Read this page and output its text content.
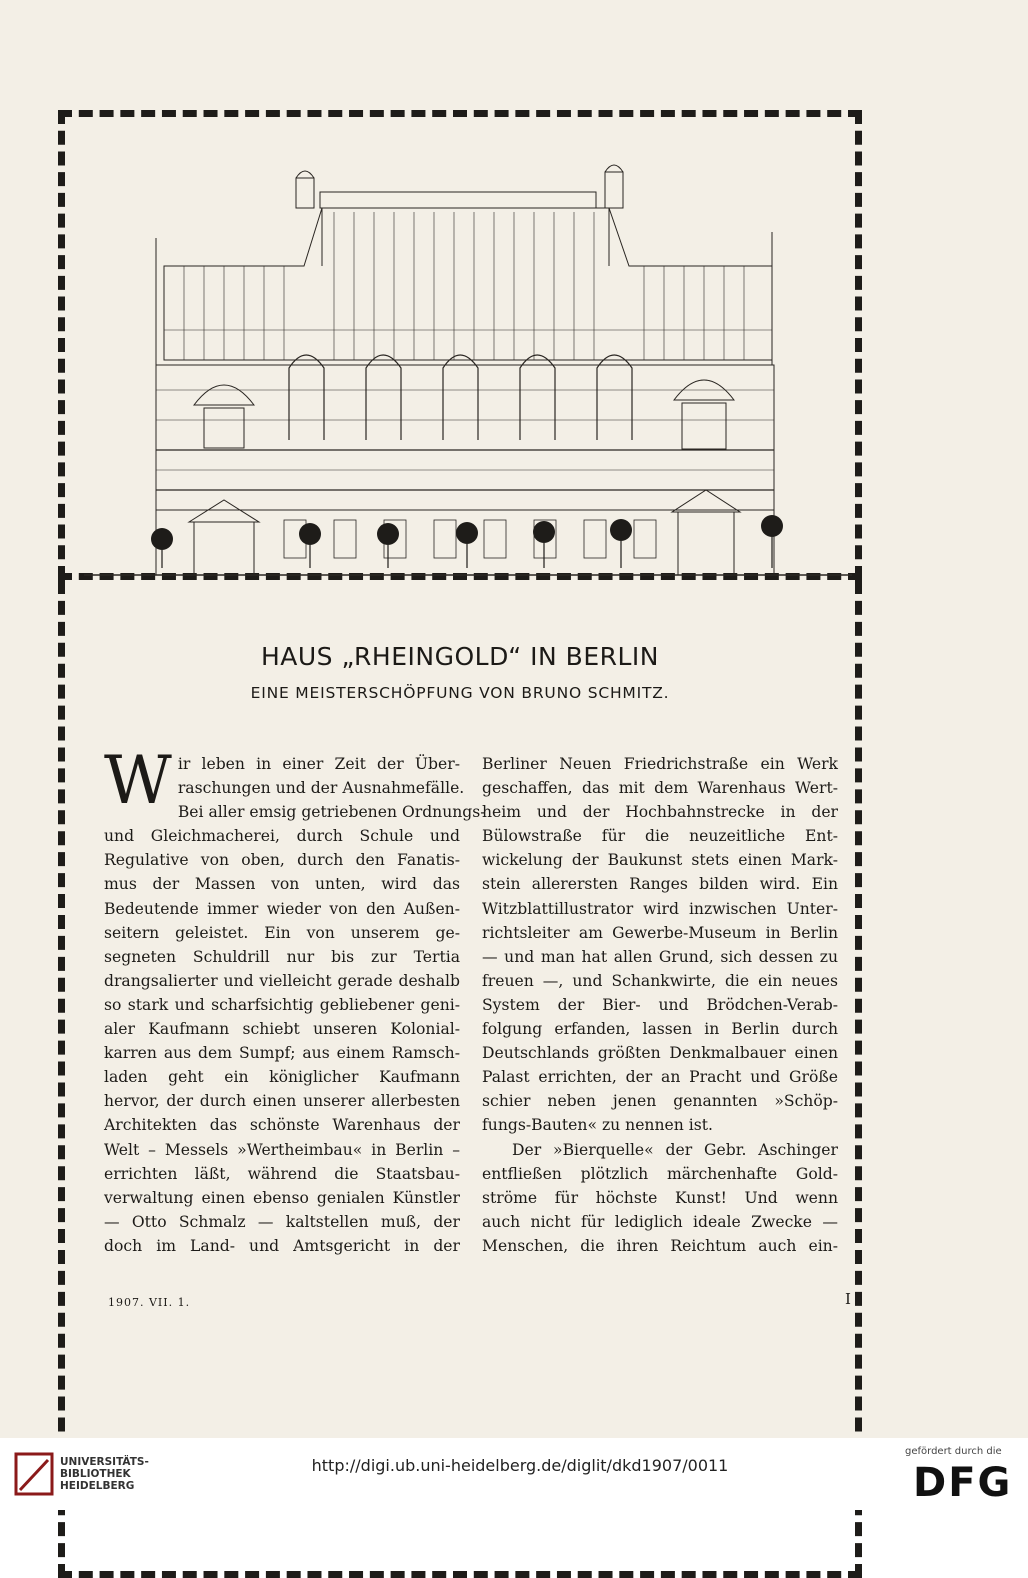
HAUS „RHEINGOLD“ IN BERLIN
EINE MEISTERSCHÖPFUNG VON BRUNO SCHMITZ.
W ir leben in einer Zeit der Über-
raschungen und der Ausnahmefälle.
Bei aller emsig getriebenen Ordnungs-
und Gleichmacherei, durch Schule und
Regulative von oben, durch den Fanatis-
mus der Massen von unten, wird das
Bedeutende immer wieder von den Außen-
seitern geleistet. Ein von unserem ge-
segneten Schuldrill nur bis zur Tertia
drangsalierter und vielleicht gerade deshalb
so stark und scharfsichtig gebliebener geni-
aler Kaufmann schiebt unseren Kolonial-
karren aus dem Sumpf; aus einem Ramsch-
laden geht ein königlicher Kaufmann
hervor, der durch einen unserer allerbesten
Architekten das schönste Warenhaus der
Welt – Messels »Wertheimbau« in Berlin –
errichten läßt, während die Staatsbau-
verwaltung einen ebenso genialen Künstler
— Otto Schmalz — kaltstellen muß, der
doch im Land- und Amtsgericht in der
Berliner Neuen Friedrichstraße ein Werk
geschaffen, das mit dem Warenhaus Wert-
heim und der Hochbahnstrecke in der
Bülowstraße für die neuzeitliche Ent-
wickelung der Baukunst stets einen Mark-
stein allerersten Ranges bilden wird. Ein
Witzblattillustrator wird inzwischen Unter-
richtsleiter am Gewerbe-Museum in Berlin
— und man hat allen Grund, sich dessen zu
freuen —, und Schankwirte, die ein neues
System der Bier- und Brödchen-Verab-
folgung erfanden, lassen in Berlin durch
Deutschlands größten Denkmalbauer einen
Palast errichten, der an Pracht und Größe
schier neben jenen genannten »Schöp-
fungs-Bauten« zu nennen ist.
Der »Bierquelle« der Gebr. Aschinger
entfließen plötzlich märchenhafte Gold-
ströme für höchste Kunst! Und wenn
auch nicht für lediglich ideale Zwecke —
Menschen, die ihren Reichtum auch ein-
1907. VII. 1.	I
UNIVERSITÄTS-
BIBLIOTHEK
HEIDELBERG
http://digi.ub.uni-heidelberg.de/diglit/dkd1907/0011
gefördert durch die
DFG
